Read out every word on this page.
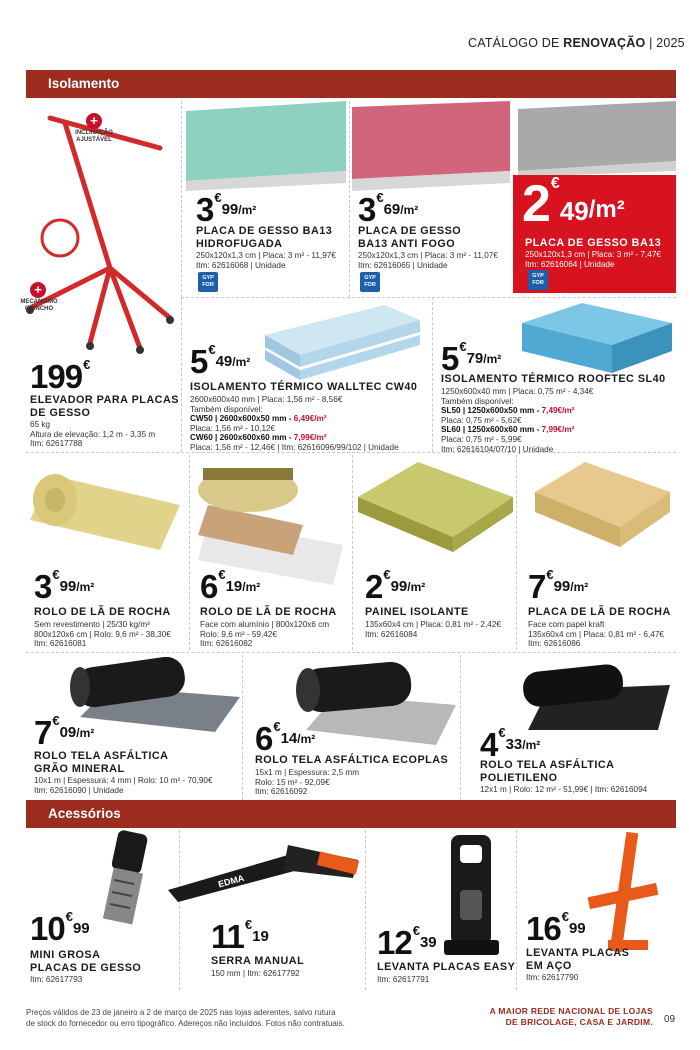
CATÁLOGO DE RENOVAÇÃO | 2025
Isolamento
+
INCLINAÇÃO AJUSTÁVEL
+
MECANISMO GUINCHO
199€
ELEVADOR PARA PLACAS
DE GESSO
65 kg
Altura de elevação: 1,2 m - 3,35 m
Itm: 62617788
$3^€99^{/m^2}$
PLACA DE GESSO BA13
HIDROFUGADA
250x120x1,3 cm | Placa: 3 m² - 11,97€
Itm: 62616068 | Unidade
GYP FOR
$3^€69^{/m^2}$
PLACA DE GESSO
BA13 ANTI FOGO
250x120x1,3 cm | Placa: 3 m² - 11,07€
Itm: 62616065 | Unidade
GYP FOR
2€49/m²
PLACA DE GESSO BA13
250x120x1,3 cm | Placa: 3 m² - 7,47€
Itm: 62616064 | Unidade
GYP FOR
$5^€49^{/m^2}$
ISOLAMENTO TÉRMICO WALLTEC CW40
2600x600x40 mm | Placa: 1,56 m² - 8,56€
Também disponível:
CW50 | 2600x600x50 mm - 6,49€/m²
Placa: 1,56 m² - 10,12€
CW60 | 2600x600x60 mm - 7,99€/m²
Placa: 1,56 m² - 12,46€ | Itm: 62616096/99/102 | Unidade
$5^€79^{/m^2}$
ISOLAMENTO TÉRMICO ROOFTEC SL40
1250x600x40 mm | Placa: 0,75 m² - 4,34€
Também disponível:
SL50 | 1250x600x50 mm - 7,49€/m²
Placa: 0,75 m² - 5,62€
SL60 | 1250x600x60 mm - 7,99€/m²
Placa: 0,75 m² - 5,99€
Itm: 62616104/07/10 | Unidade
$3^€99^{/m^2}$
ROLO DE LÃ DE ROCHA
Sem revestimento | 25/30 kg/m³
800x120x6 cm | Rolo: 9,6 m² - 38,30€
Itm: 62616081
$6^€19^{/m^2}$
ROLO DE LÃ DE ROCHA
Face com alumínio | 800x120x6 cm
Rolo: 9,6 m² - 59,42€
Itm: 62616082
$2^€99^{/m^2}$
PAINEL ISOLANTE
135x60x4 cm | Placa: 0,81 m² - 2,42€
Itm: 62616084
$7^€99^{/m^2}$
PLACA DE LÃ DE ROCHA
Face com papel kraft
135x60x4 cm | Placa: 0,81 m² - 6,47€
Itm: 62616086
$7^€09^{/m^2}$
ROLO TELA ASFÁLTICA
GRÃO MINERAL
10x1 m | Espessura: 4 mm | Rolo: 10 m² - 70,90€
Itm: 62616090 | Unidade
$6^€14^{/m^2}$
ROLO TELA ASFÁLTICA ECOPLAS
15x1 m | Espessura: 2,5 mm
Rolo: 15 m² - 92,09€
Itm: 62616092
$4^€33^{/m^2}$
ROLO TELA ASFÁLTICA
POLIETILENO
12x1 m | Rolo: 12 m² - 51,99€ | Itm: 62616094
Acessórios
10€99
MINI GROSA
PLACAS DE GESSO
Itm: 62617793
EDMA
11€19
SERRA MANUAL
150 mm | Itm: 62617792
12€39
LEVANTA PLACAS EASY
Itm: 62617791
16€99
LEVANTA PLACAS
EM AÇO
Itm: 62617790
Preços válidos de 23 de janeiro a 2 de março de 2025 nas lojas aderentes, salvo rutura
de stock do fornecedor ou erro tipográfico. Adereços não incluídos. Fotos não contratuais.
A MAIOR REDE NACIONAL DE LOJAS
DE BRICOLAGE, CASA E JARDIM. 09
